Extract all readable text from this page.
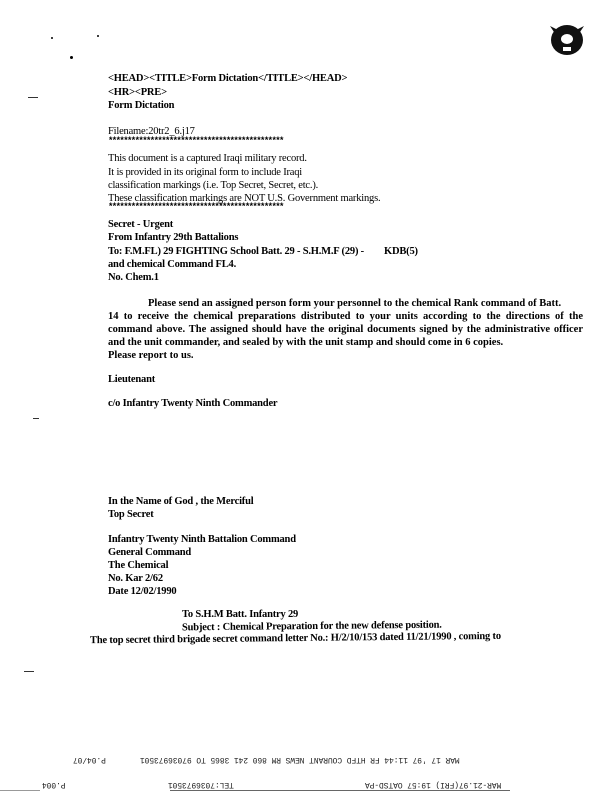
<HEAD><TITLE>Form Dictation</TITLE></HEAD>
<HR><PRE>
Form Dictation
Filename:20tr2_6.j17
**********************************************
This document is a captured Iraqi military record.
It is provided in its original form to include Iraqi
classification markings (i.e. Top Secret, Secret, etc.).
These classification markings are NOT U.S. Government markings.
**********************************************
Secret - Urgent
From Infantry 29th Battalions
To: F.M.FL) 29 FIGHTING School Batt. 29 - S.H.M.F (29) - KDB(5)
and chemical Command FL4.
No. Chem.1
Please send an assigned person form your personnel to the chemical Rank command of Batt.
14 to receive the chemical preparations distributed to your units according to the directions of the command above. The assigned should have the original documents signed by the administrative officer and the unit commander, and sealed by with the unit stamp and should come in 6 copies.
Please report to us.
Lieutenant
c/o Infantry Twenty Ninth Commander
In the Name of God , the Merciful
Top Secret
Infantry Twenty Ninth Battalion Command
General Command
The Chemical
No. Kar 2/62
Date 12/02/1990
To S.H.M Batt. Infantry 29
Subject : Chemical Preparation for the new defense position.
The top secret third brigade secret command letter No.: H/2/10/153 dated 11/21/1990 , coming to
MAR 17 '97 11:44 FR HTFD COURANT NEWS RM 860 241 3865 TO 97036973501
P.04/07
P.004	TEL:7036973501	MAR-21.97(FRI) 19:57 OATSD-PA
